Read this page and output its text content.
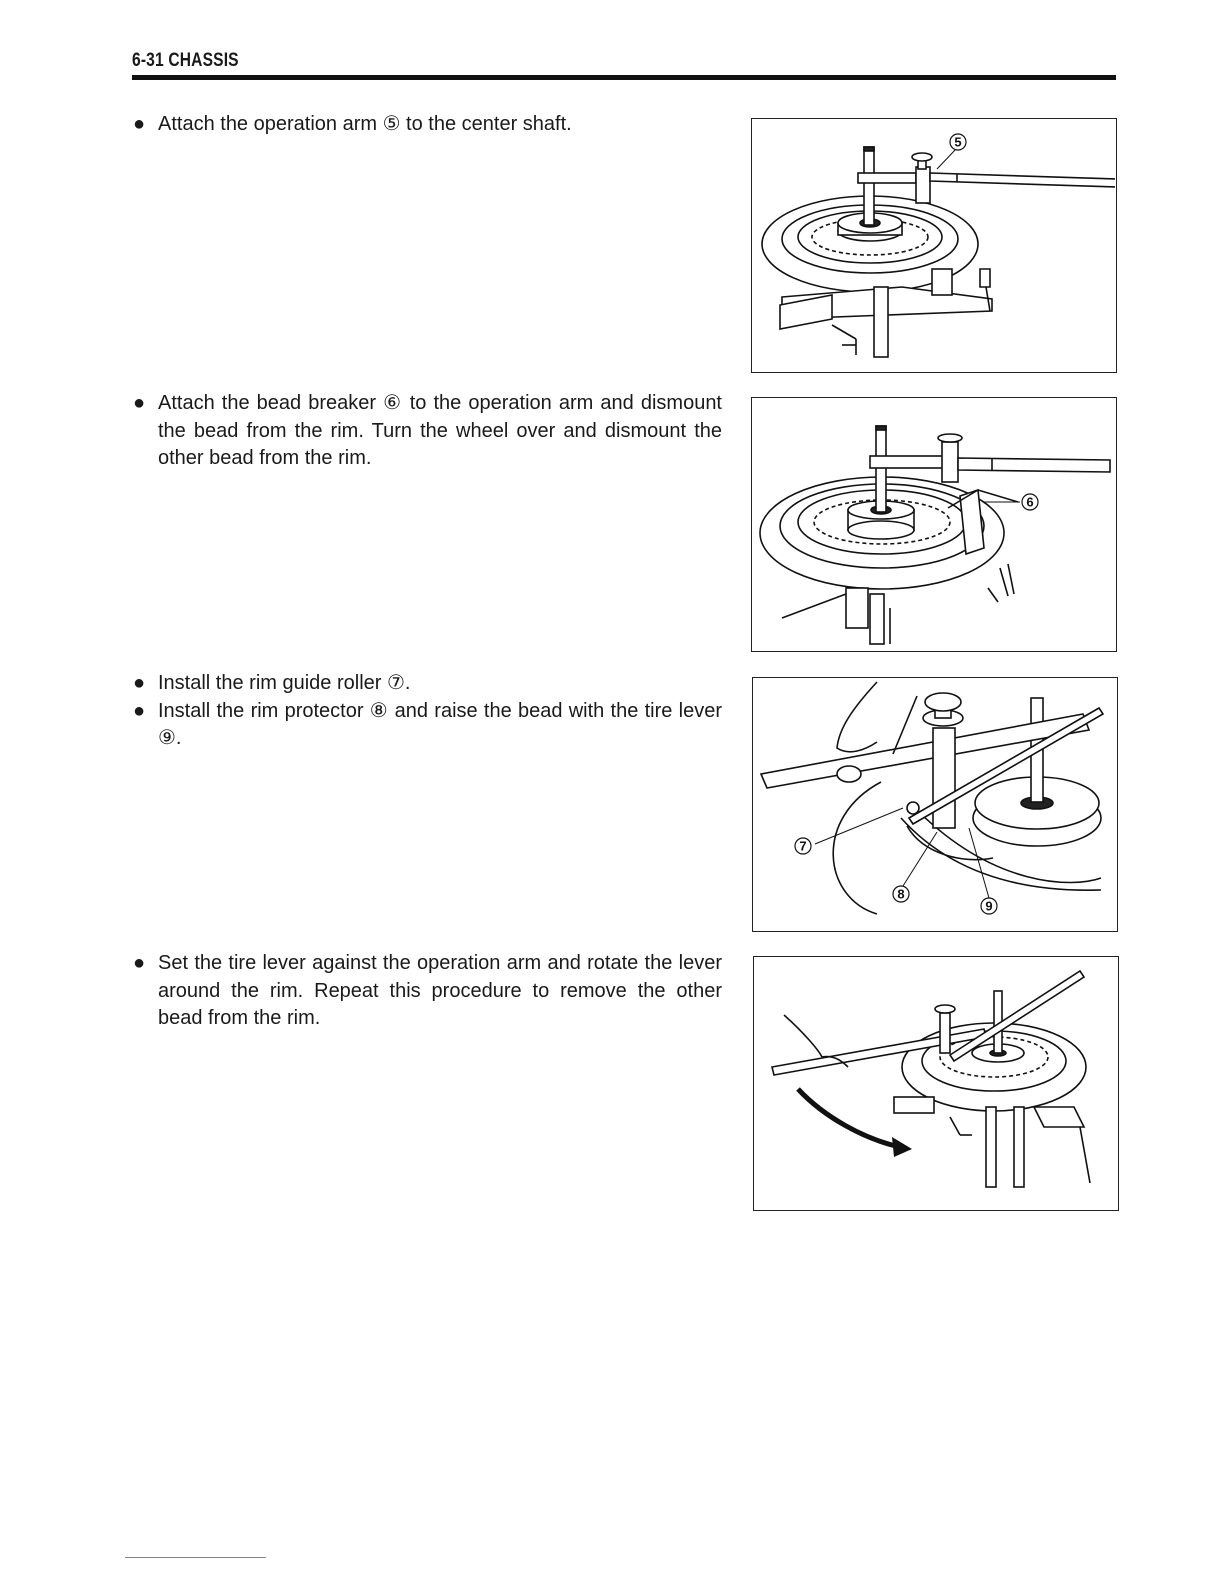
6-31 CHASSIS
● Attach the operation arm ⑤ to the center shaft.
5
● Attach the bead breaker ⑥ to the operation arm and dismount the bead from the rim. Turn the wheel over and dismount the other bead from the rim.
6
● Install the rim guide roller ⑦.
● Install the rim protector ⑧ and raise the bead with the tire lever ⑨.
7
8
9
● Set the tire lever against the operation arm and rotate the lever around the rim. Repeat this procedure to remove the other bead from the rim.
